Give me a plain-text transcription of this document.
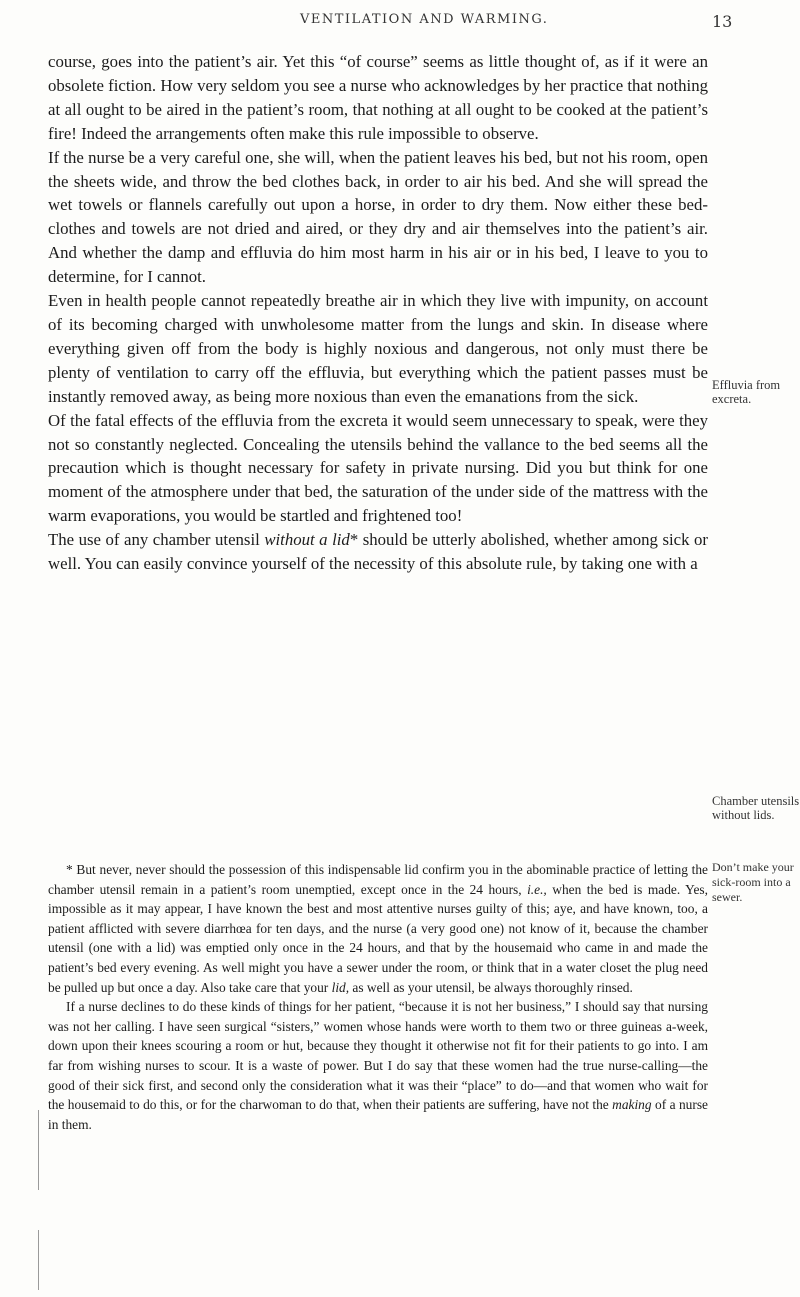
VENTILATION AND WARMING.	13

course, goes into the patient’s air. Yet this “of course” seems as little thought of, as if it were an obsolete fiction. How very seldom you see a nurse who acknowledges by her practice that nothing at all ought to be aired in the patient’s room, that nothing at all ought to be cooked at the patient’s fire! Indeed the arrangements often make this rule impossible to observe.

If the nurse be a very careful one, she will, when the patient leaves his bed, but not his room, open the sheets wide, and throw the bed clothes back, in order to air his bed. And she will spread the wet towels or flannels carefully out upon a horse, in order to dry them. Now either these bed-clothes and towels are not dried and aired, or they dry and air themselves into the patient’s air. And whether the damp and effluvia do him most harm in his air or in his bed, I leave to you to determine, for I cannot.

Even in health people cannot repeatedly breathe air in which they live with impunity, on account of its becoming charged with unwholesome matter from the lungs and skin. In disease where everything given off from the body is highly noxious and dangerous, not only must there be plenty of ventilation to carry off the effluvia, but everything which the patient passes must be instantly removed away, as being more noxious than even the emanations from the sick.

Of the fatal effects of the effluvia from the excreta it would seem unnecessary to speak, were they not so constantly neglected. Concealing the utensils behind the vallance to the bed seems all the precaution which is thought necessary for safety in private nursing. Did you but think for one moment of the atmosphere under that bed, the saturation of the under side of the mattress with the warm evaporations, you would be startled and frightened too!

The use of any chamber utensil without a lid* should be utterly abolished, whether among sick or well. You can easily convince yourself of the necessity of this absolute rule, by taking one with a

Effluvia from excreta.
Chamber utensils without lids.

* But never, never should the possession of this indispensable lid confirm you in the abominable practice of letting the chamber utensil remain in a patient’s room unemptied, except once in the 24 hours, i.e., when the bed is made. Yes, impossible as it may appear, I have known the best and most attentive nurses guilty of this; aye, and have known, too, a patient afflicted with severe diarrhœa for ten days, and the nurse (a very good one) not know of it, because the chamber utensil (one with a lid) was emptied only once in the 24 hours, and that by the housemaid who came in and made the patient’s bed every evening. As well might you have a sewer under the room, or think that in a water closet the plug need be pulled up but once a day. Also take care that your lid, as well as your utensil, be always thoroughly rinsed.

If a nurse declines to do these kinds of things for her patient, “because it is not her business,” I should say that nursing was not her calling. I have seen surgical “sisters,” women whose hands were worth to them two or three guineas a-week, down upon their knees scouring a room or hut, because they thought it otherwise not fit for their patients to go into. I am far from wishing nurses to scour. It is a waste of power. But I do say that these women had the true nurse-calling—the good of their sick first, and second only the consideration what it was their “place” to do—and that women who wait for the housemaid to do this, or for the charwoman to do that, when their patients are suffering, have not the making of a nurse in them.

Don’t make your sick-room into a sewer.
